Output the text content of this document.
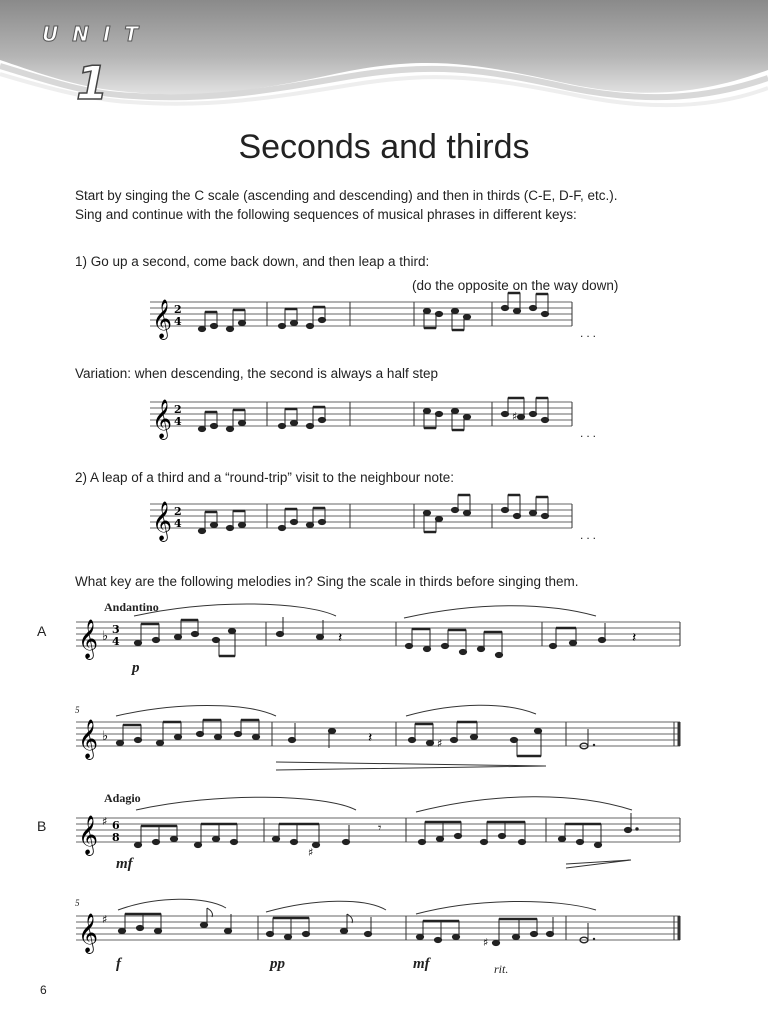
UNIT
1
Seconds and thirds
Start by singing the C scale (ascending and descending) and then in thirds (C-E, D-F, etc.).
Sing and continue with the following sequences of musical phrases in different keys:
1) Go up a second, come back down, and then leap a third:
(do the opposite on the way down)
𝄞 2
4
...
Variation: when descending, the second is always a half step
𝄞 2
4	♯
...
2) A leap of a third and a “round-trip” visit to the neighbour note:
𝄞 2
4
...
What key are the following melodies in? Sing the scale in thirds before singing them.
Andantino
A 𝄞 ♭ 3
4	𝄽	𝄽
p
5
𝄞 ♭	♯
𝄽
Adagio
B 𝄞 ♯ 6
8
♯
𝄾
mf
5
𝄞 ♯
♯
f	pp	mf	rit.
6
